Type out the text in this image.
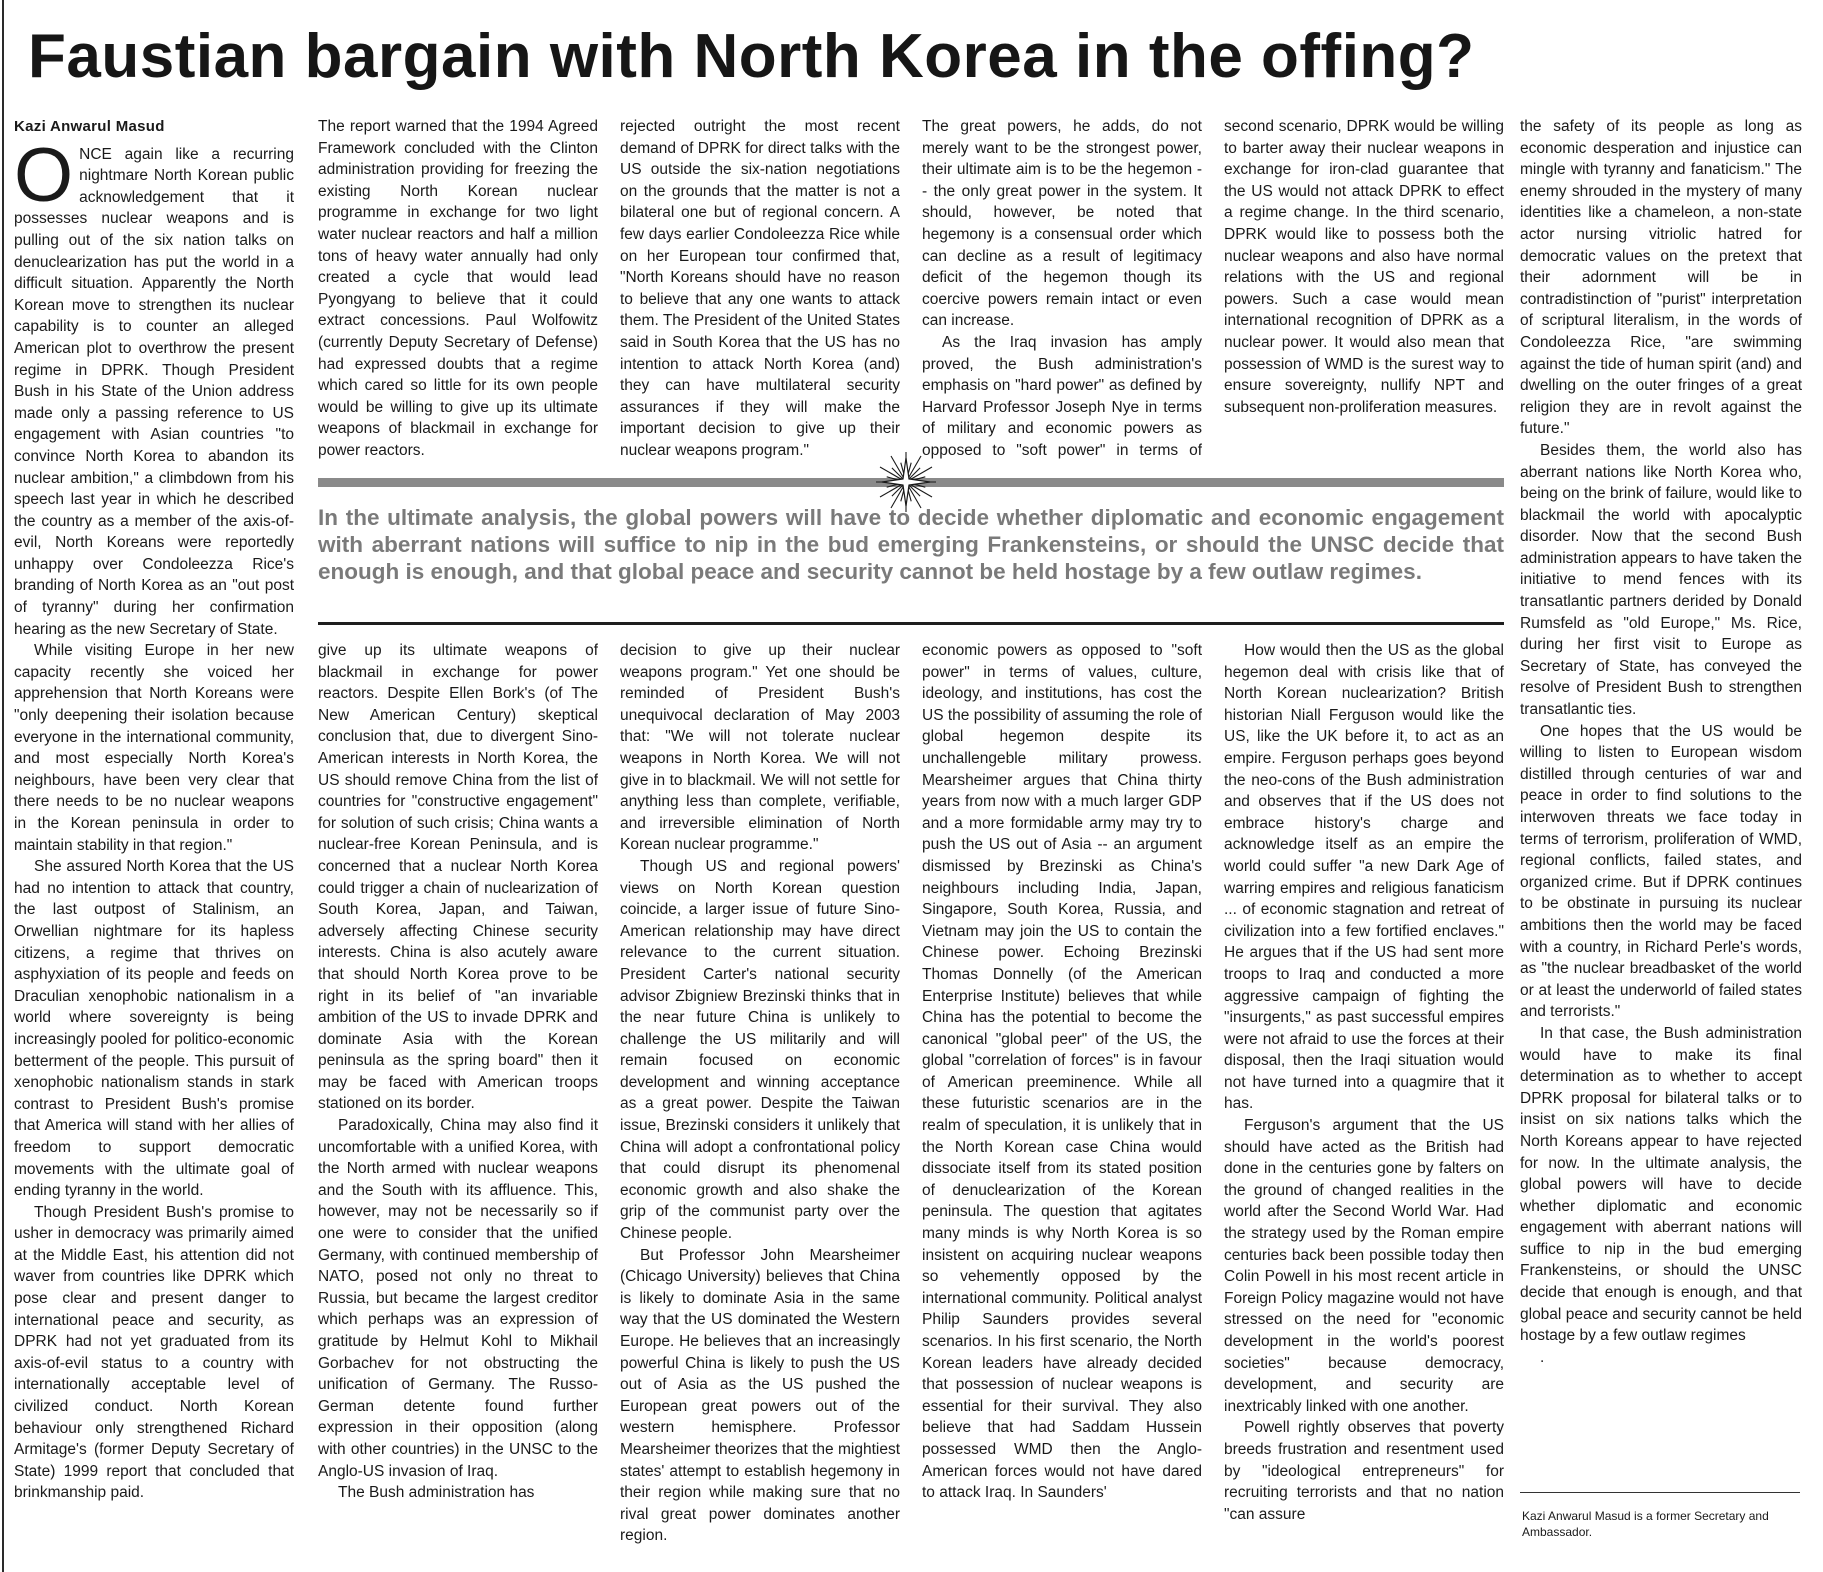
Faustian bargain with North Korea in the offing?
Kazi Anwarul Masud
O NCE again like a recurring nightmare North Korean public acknowledgement that it possesses nuclear weapons and is pulling out of the six nation talks on denuclearization has put the world in a difficult situation. Apparently the North Korean move to strengthen its nuclear capability is to counter an alleged American plot to overthrow the present regime in DPRK. Though President Bush in his State of the Union address made only a passing reference to US engagement with Asian countries "to convince North Korea to abandon its nuclear ambition," a climbdown from his speech last year in which he described the country as a member of the axis-of-evil, North Koreans were reportedly unhappy over Condoleezza Rice's branding of North Korea as an "out post of tyranny" during her confirmation hearing as the new Secretary of State.

While visiting Europe in her new capacity recently she voiced her apprehension that North Koreans were "only deepening their isolation because everyone in the international community, and most especially North Korea's neighbours, have been very clear that there needs to be no nuclear weapons in the Korean peninsula in order to maintain stability in that region."

She assured North Korea that the US had no intention to attack that country, the last outpost of Stalinism, an Orwellian nightmare for its hapless citizens, a regime that thrives on asphyxiation of its people and feeds on Draculian xenophobic nationalism in a world where sovereignty is being increasingly pooled for politico-economic betterment of the people. This pursuit of xenophobic nationalism stands in stark contrast to President Bush's promise that America will stand with her allies of freedom to support democratic movements with the ultimate goal of ending tyranny in the world.

Though President Bush's promise to usher in democracy was primarily aimed at the Middle East, his attention did not waver from countries like DPRK which pose clear and present danger to international peace and security, as DPRK had not yet graduated from its axis-of-evil status to a country with internationally acceptable level of civilized conduct. North Korean behaviour only strengthened Richard Armitage's (former Deputy Secretary of State) 1999 report that concluded that brinkmanship paid.

The report warned that the 1994 Agreed Framework concluded with the Clinton administration providing for freezing the existing North Korean nuclear programme in exchange for two light water nuclear reactors and half a million tons of heavy water annually had only created a cycle that would lead Pyongyang to believe that it could extract concessions. Paul Wolfowitz (currently Deputy Secretary of Defense) had expressed doubts that a regime which cared so little for its own people would be willing to give up its ultimate weapons of blackmail in exchange for power reactors.

rejected outright the most recent demand of DPRK for direct talks with the US outside the six-nation negotiations on the grounds that the matter is not a bilateral one but of regional concern. A few days earlier Condoleezza Rice while on her European tour confirmed that, "North Koreans should have no reason to believe that any one wants to attack them. The President of the United States said in South Korea that the US has no intention to attack North Korea (and) they can have multilateral security assurances if they will make the important decision to give up their nuclear weapons program."

The great powers, he adds, do not merely want to be the strongest power, their ultimate aim is to be the hegemon -- the only great power in the system. It should, however, be noted that hegemony is a consensual order which can decline as a result of legitimacy deficit of the hegemon though its coercive powers remain intact or even can increase.

As the Iraq invasion has amply proved, the Bush administration's emphasis on "hard power" as defined by Harvard Professor Joseph Nye in terms of military and economic powers as opposed to "soft power" in terms of

second scenario, DPRK would be willing to barter away their nuclear weapons in exchange for iron-clad guarantee that the US would not attack DPRK to effect a regime change. In the third scenario, DPRK would like to possess both the nuclear weapons and also have normal relations with the US and regional powers. Such a case would mean international recognition of DPRK as a nuclear power. It would also mean that possession of WMD is the surest way to ensure sovereignty, nullify NPT and subsequent non-proliferation measures.

the safety of its people as long as economic desperation and injustice can mingle with tyranny and fanaticism." The enemy shrouded in the mystery of many identities like a chameleon, a non-state actor nursing vitriolic hatred for democratic values on the pretext that their adornment will be in contradistinction of "purist" interpretation of scriptural literalism, in the words of Condoleezza Rice, "are swimming against the tide of human spirit (and) and dwelling on the outer fringes of a great religion they are in revolt against the future."

Besides them, the world also has aberrant nations like North Korea who, being on the brink of failure, would like to blackmail the world with apocalyptic disorder. Now that the second Bush administration appears to have taken the initiative to mend fences with its transatlantic partners derided by Donald Rumsfeld as "old Europe," Ms. Rice, during her first visit to Europe as Secretary of State, has conveyed the resolve of President Bush to strengthen transatlantic ties.

One hopes that the US would be willing to listen to European wisdom distilled through centuries of war and peace in order to find solutions to the interwoven threats we face today in terms of terrorism, proliferation of WMD, regional conflicts, failed states, and organized crime. But if DPRK continues to be obstinate in pursuing its nuclear ambitions then the world may be faced with a country, in Richard Perle's words, as "the nuclear breadbasket of the world or at least the underworld of failed states and terrorists."

In that case, the Bush administration would have to make its final determination as to whether to accept DPRK proposal for bilateral talks or to insist on six nations talks which the North Koreans appear to have rejected for now. In the ultimate analysis, the global powers will have to decide whether diplomatic and economic engagement with aberrant nations will suffice to nip in the bud emerging Frankensteins, or should the UNSC decide that enough is enough, and that global peace and security cannot be held hostage by a few outlaw regimes

.

In the ultimate analysis, the global powers will have to decide whether diplomatic and economic engagement with aberrant nations will suffice to nip in the bud emerging Frankensteins, or should the UNSC decide that enough is enough, and that global peace and security cannot be held hostage by a few outlaw regimes.

give up its ultimate weapons of blackmail in exchange for power reactors. Despite Ellen Bork's (of The New American Century) skeptical conclusion that, due to divergent Sino-American interests in North Korea, the US should remove China from the list of countries for "constructive engagement" for solution of such crisis; China wants a nuclear-free Korean Peninsula, and is concerned that a nuclear North Korea could trigger a chain of nuclearization of South Korea, Japan, and Taiwan, adversely affecting Chinese security interests. China is also acutely aware that should North Korea prove to be right in its belief of "an invariable ambition of the US to invade DPRK and dominate Asia with the Korean peninsula as the spring board" then it may be faced with American troops stationed on its border.

Paradoxically, China may also find it uncomfortable with a unified Korea, with the North armed with nuclear weapons and the South with its affluence. This, however, may not be necessarily so if one were to consider that the unified Germany, with continued membership of NATO, posed not only no threat to Russia, but became the largest creditor which perhaps was an expression of gratitude by Helmut Kohl to Mikhail Gorbachev for not obstructing the unification of Germany. The Russo-German detente found further expression in their opposition (along with other countries) in the UNSC to the Anglo-US invasion of Iraq.

The Bush administration has

decision to give up their nuclear weapons program." Yet one should be reminded of President Bush's unequivocal declaration of May 2003 that: "We will not tolerate nuclear weapons in North Korea. We will not give in to blackmail. We will not settle for anything less than complete, verifiable, and irreversible elimination of North Korean nuclear programme."

Though US and regional powers' views on North Korean question coincide, a larger issue of future Sino-American relationship may have direct relevance to the current situation. President Carter's national security advisor Zbigniew Brezinski thinks that in the near future China is unlikely to challenge the US militarily and will remain focused on economic development and winning acceptance as a great power. Despite the Taiwan issue, Brezinski considers it unlikely that China will adopt a confrontational policy that could disrupt its phenomenal economic growth and also shake the grip of the communist party over the Chinese people.

But Professor John Mearsheimer (Chicago University) believes that China is likely to dominate Asia in the same way that the US dominated the Western Europe. He believes that an increasingly powerful China is likely to push the US out of Asia as the US pushed the European great powers out of the western hemisphere. Professor Mearsheimer theorizes that the mightiest states' attempt to establish hegemony in their region while making sure that no rival great power dominates another region.

economic powers as opposed to "soft power" in terms of values, culture, ideology, and institutions, has cost the US the possibility of assuming the role of global hegemon despite its unchallengeble military prowess. Mearsheimer argues that China thirty years from now with a much larger GDP and a more formidable army may try to push the US out of Asia -- an argument dismissed by Brezinski as China's neighbours including India, Japan, Singapore, South Korea, Russia, and Vietnam may join the US to contain the Chinese power. Echoing Brezinski Thomas Donnelly (of the American Enterprise Institute) believes that while China has the potential to become the canonical "global peer" of the US, the global "correlation of forces" is in favour of American preeminence. While all these futuristic scenarios are in the realm of speculation, it is unlikely that in the North Korean case China would dissociate itself from its stated position of denuclearization of the Korean peninsula. The question that agitates many minds is why North Korea is so insistent on acquiring nuclear weapons so vehemently opposed by the international community. Political analyst Philip Saunders provides several scenarios. In his first scenario, the North Korean leaders have already decided that possession of nuclear weapons is essential for their survival. They also believe that had Saddam Hussein possessed WMD then the Anglo-American forces would not have dared to attack Iraq. In Saunders'

How would then the US as the global hegemon deal with crisis like that of North Korean nuclearization? British historian Niall Ferguson would like the US, like the UK before it, to act as an empire. Ferguson perhaps goes beyond the neo-cons of the Bush administration and observes that if the US does not embrace history's charge and acknowledge itself as an empire the world could suffer "a new Dark Age of warring empires and religious fanaticism ... of economic stagnation and retreat of civilization into a few fortified enclaves." He argues that if the US had sent more troops to Iraq and conducted a more aggressive campaign of fighting the "insurgents," as past successful empires were not afraid to use the forces at their disposal, then the Iraqi situation would not have turned into a quagmire that it has.

Ferguson's argument that the US should have acted as the British had done in the centuries gone by falters on the ground of changed realities in the world after the Second World War. Had the strategy used by the Roman empire centuries back been possible today then Colin Powell in his most recent article in Foreign Policy magazine would not have stressed on the need for "economic development in the world's poorest societies" because democracy, development, and security are inextricably linked with one another.

Powell rightly observes that poverty breeds frustration and resentment used by "ideological entrepreneurs" for recruiting terrorists and that no nation "can assure	Kazi Anwarul Masud is a former Secretary and Ambassador.
